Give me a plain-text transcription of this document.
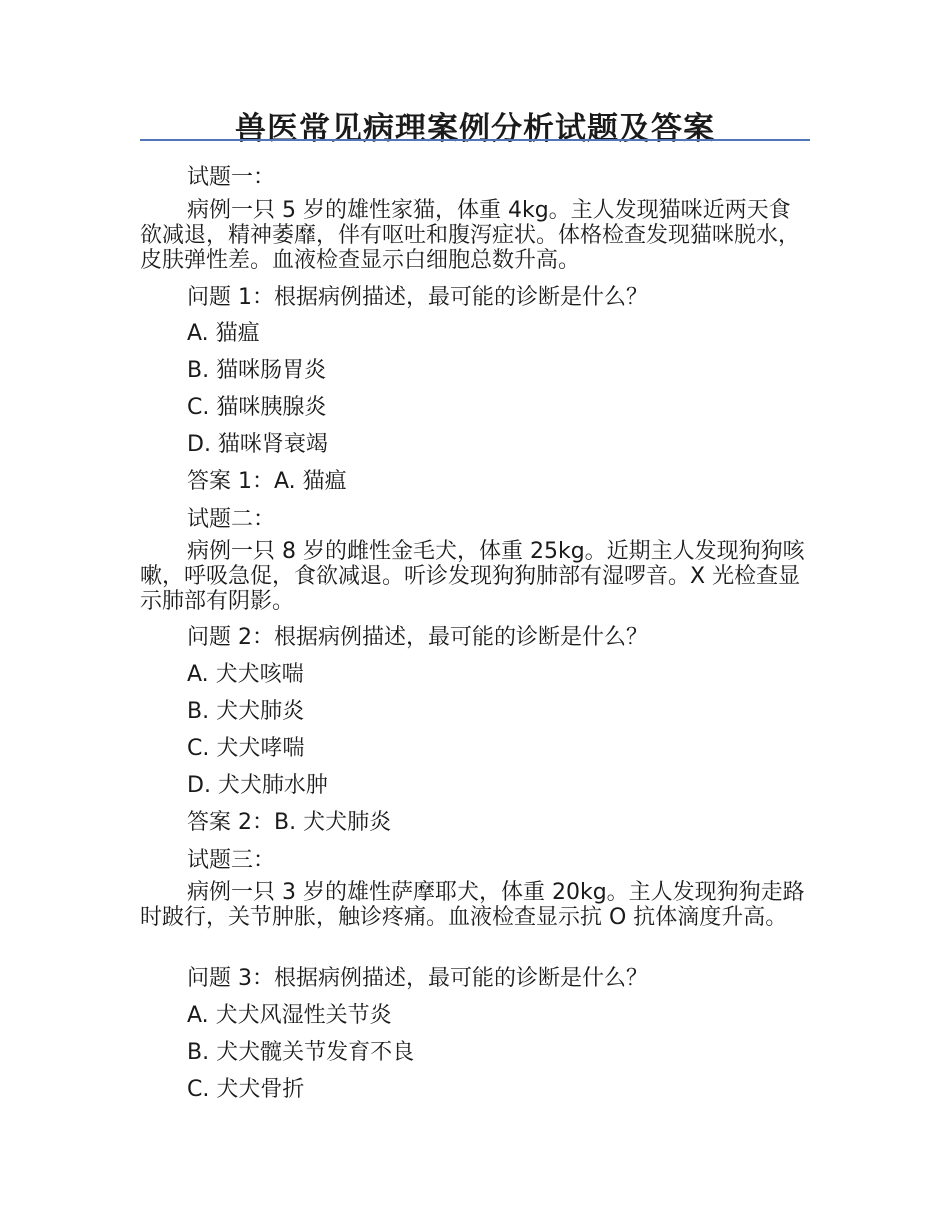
兽医常见病理案例分析试题及答案
试题一：

病例一只 5 岁的雄性家猫，体重 4kg。主人发现猫咪近两天食欲减退，精神萎靡，伴有呕吐和腹泻症状。体格检查发现猫咪脱水，皮肤弹性差。血液检查显示白细胞总数升高。

问题 1：根据病例描述，最可能的诊断是什么？
A. 猫瘟
B. 猫咪肠胃炎
C. 猫咪胰腺炎
D. 猫咪肾衰竭
答案 1：A. 猫瘟
试题二：

病例一只 8 岁的雌性金毛犬，体重 25kg。近期主人发现狗狗咳嗽，呼吸急促，食欲减退。听诊发现狗狗肺部有湿啰音。X 光检查显示肺部有阴影。

问题 2：根据病例描述，最可能的诊断是什么？
A. 犬犬咳喘
B. 犬犬肺炎
C. 犬犬哮喘
D. 犬犬肺水肿
答案 2：B. 犬犬肺炎
试题三：

病例一只 3 岁的雄性萨摩耶犬，体重 20kg。主人发现狗狗走路时跛行，关节肿胀，触诊疼痛。血液检查显示抗 O 抗体滴度升高。

问题 3：根据病例描述，最可能的诊断是什么？
A. 犬犬风湿性关节炎
B. 犬犬髋关节发育不良
C. 犬犬骨折
